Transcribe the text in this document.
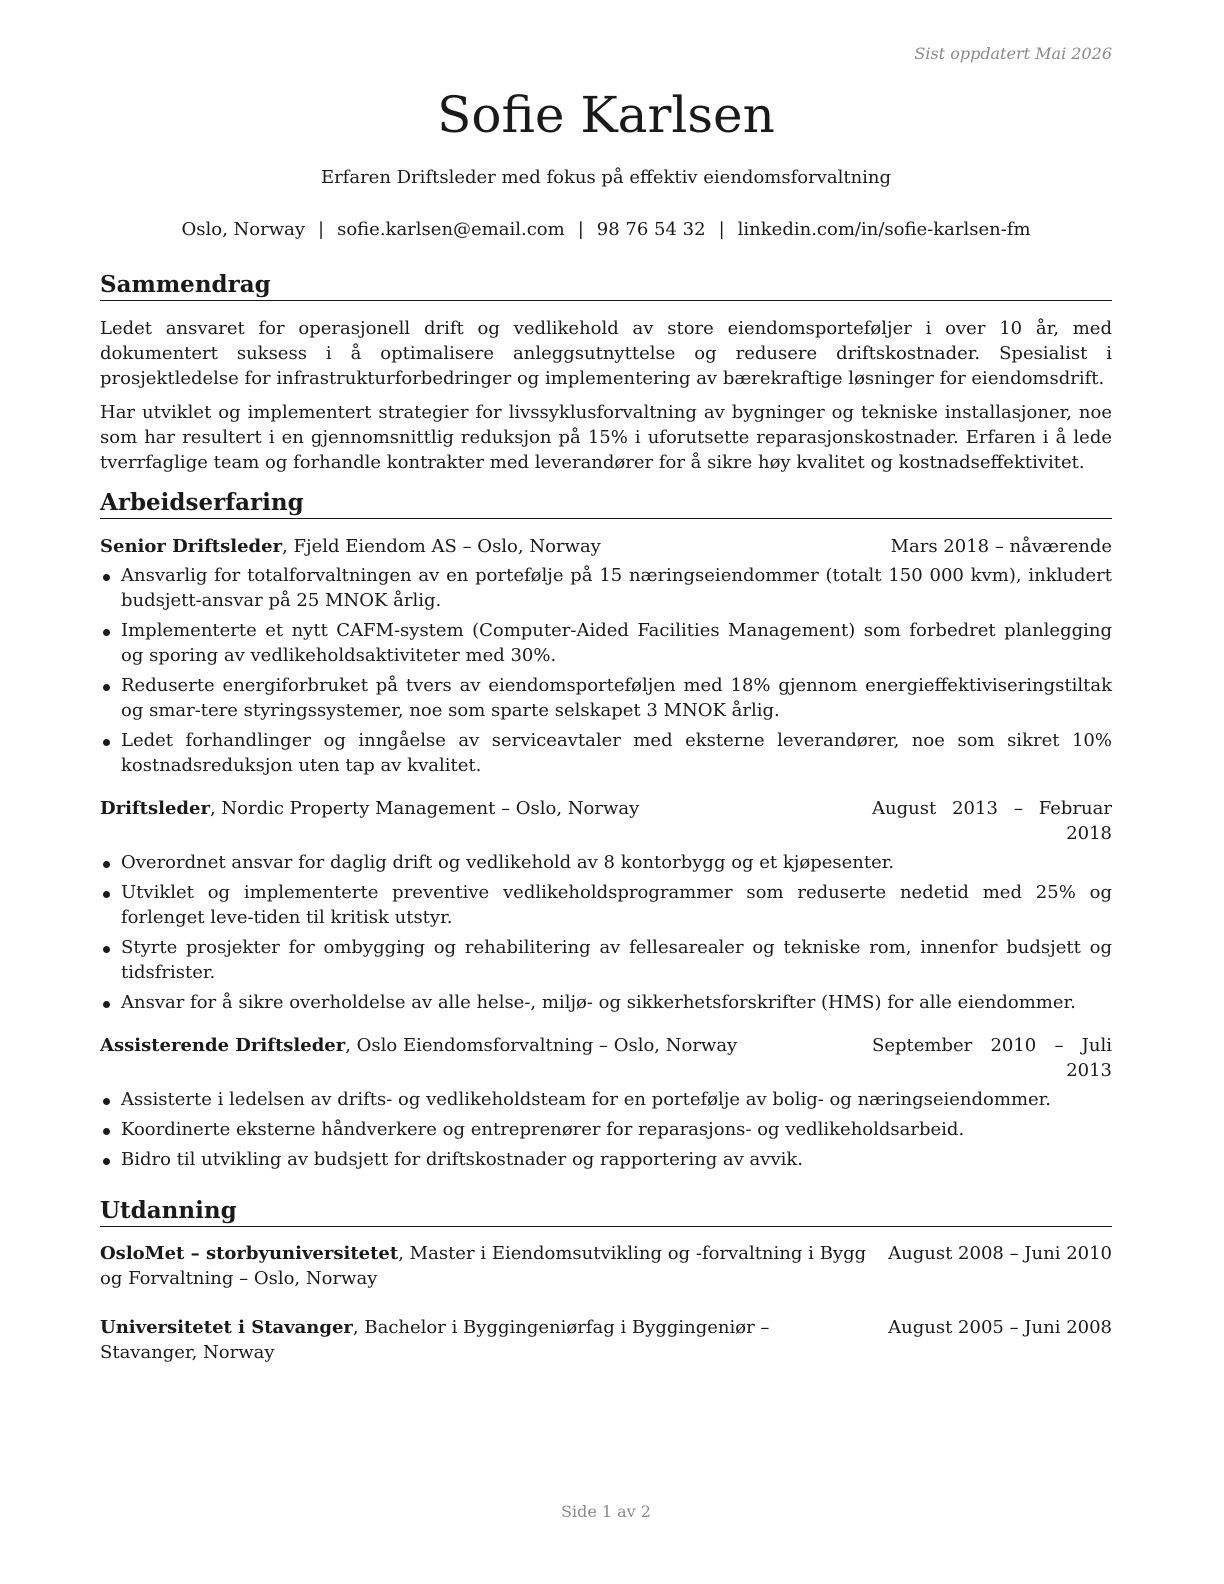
Sist oppdatert Mai 2026
Sofie Karlsen
Erfaren Driftsleder med fokus på effektiv eiendomsforvaltning
Oslo, Norway | sofie.karlsen@email.com | 98 76 54 32 | linkedin.com/in/sofie-karlsen-fm
Sammendrag

Ledet ansvaret for operasjonell drift og vedlikehold av store eiendomsporteføljer i over 10 år, med dokumentert suksess i å optimalisere anleggsutnyttelse og redusere driftskostnader. Spesialist i prosjektledelse for infrastrukturforbedringer og implementering av bærekraftige løsninger for eiendomsdrift.

Har utviklet og implementert strategier for livssyklusforvaltning av bygninger og tekniske installasjoner, noe som har resultert i en gjennomsnittlig reduksjon på 15% i uforutsette reparasjonskostnader. Erfaren i å lede tverrfaglige team og forhandle kontrakter med leverandører for å sikre høy kvalitet og kostnadseffektivitet.

Arbeidserfaring
Senior Driftsleder, Fjeld Eiendom AS – Oslo, Norway	Mars 2018 – nåværende
Ansvarlig for totalforvaltningen av en portefølje på 15 næringseiendommer (totalt 150 000 kvm), inkludert budsjett-ansvar på 25 MNOK årlig.
Implementerte et nytt CAFM-system (Computer-Aided Facilities Management) som forbedret planlegging og sporing av vedlikeholdsaktiviteter med 30%.
Reduserte energiforbruket på tvers av eiendomsporteføljen med 18% gjennom energieffektiviseringstiltak og smar-tere styringssystemer, noe som sparte selskapet 3 MNOK årlig.
Ledet forhandlinger og inngåelse av serviceavtaler med eksterne leverandører, noe som sikret 10% kostnadsreduksjon uten tap av kvalitet.
Driftsleder, Nordic Property Management – Oslo, Norway	August 2013 – Februar 2018
Overordnet ansvar for daglig drift og vedlikehold av 8 kontorbygg og et kjøpesenter.
Utviklet og implementerte preventive vedlikeholdsprogrammer som reduserte nedetid med 25% og forlenget leve-tiden til kritisk utstyr.
Styrte prosjekter for ombygging og rehabilitering av fellesarealer og tekniske rom, innenfor budsjett og tidsfrister.
Ansvar for å sikre overholdelse av alle helse-, miljø- og sikkerhetsforskrifter (HMS) for alle eiendommer.
Assisterende Driftsleder, Oslo Eiendomsforvaltning – Oslo, Norway	September 2010 – Juli 2013
Assisterte i ledelsen av drifts- og vedlikeholdsteam for en portefølje av bolig- og næringseiendommer.
Koordinerte eksterne håndverkere og entreprenører for reparasjons- og vedlikeholdsarbeid.
Bidro til utvikling av budsjett for driftskostnader og rapportering av avvik.
Utdanning
OsloMet – storbyuniversitetet, Master i Eiendomsutvikling og -forvaltning i Bygg og Forvaltning – Oslo, Norway
August 2008 – Juni 2010
Universitetet i Stavanger, Bachelor i Byggingeniørfag i Byggingeniør – Stavanger, Norway
August 2005 – Juni 2008
Side 1 av 2
